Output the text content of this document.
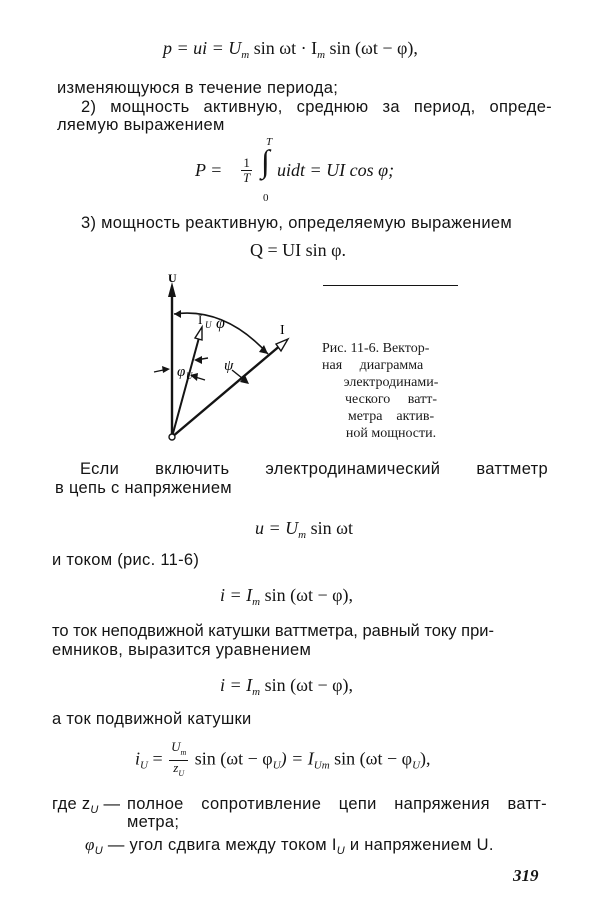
p = ui = $U_m$ $\sin \omega t \cdot I_m$ sin (ωt − φ),
изменяющуюся в течение периода;
2) мощность активную, среднюю за период, опреде-
ляемую выражением
$P = \frac{1}{T}$ ∫
T
0
uidt = UI cos φ;
3) мощность реактивную, определяемую выражением
Q = UI sin φ.
U
φ	I
I U
φ U
ψ
Рис. 11-6. Вектор-
ная     диаграмма
электродинами-
ческого     ватт-
метра    актив-
ной мощности.
Если включить электродинамический ваттметр
в цепь с напряжением
$u = U_m$ sin ωt
и током (рис. 11-6)
$i = I_m$ sin (ωt − φ),
то ток неподвижной катушки ваттметра, равный току при-
емников, выразится уравнением
$i = I_m$ sin (ωt − φ),
а ток подвижной катушки
$i_U = \frac{U_m}{z_U}$ $\sin (\omega t - \varphi_U) = I_{Um}$ $\sin (\omega t - \varphi_U)$,
где $z_U$ — полное сопротивление цепи напряжения ватт-
метра;
$\varphi_U$ — угол сдвига между током $I_U$ и напряжением U.
319
